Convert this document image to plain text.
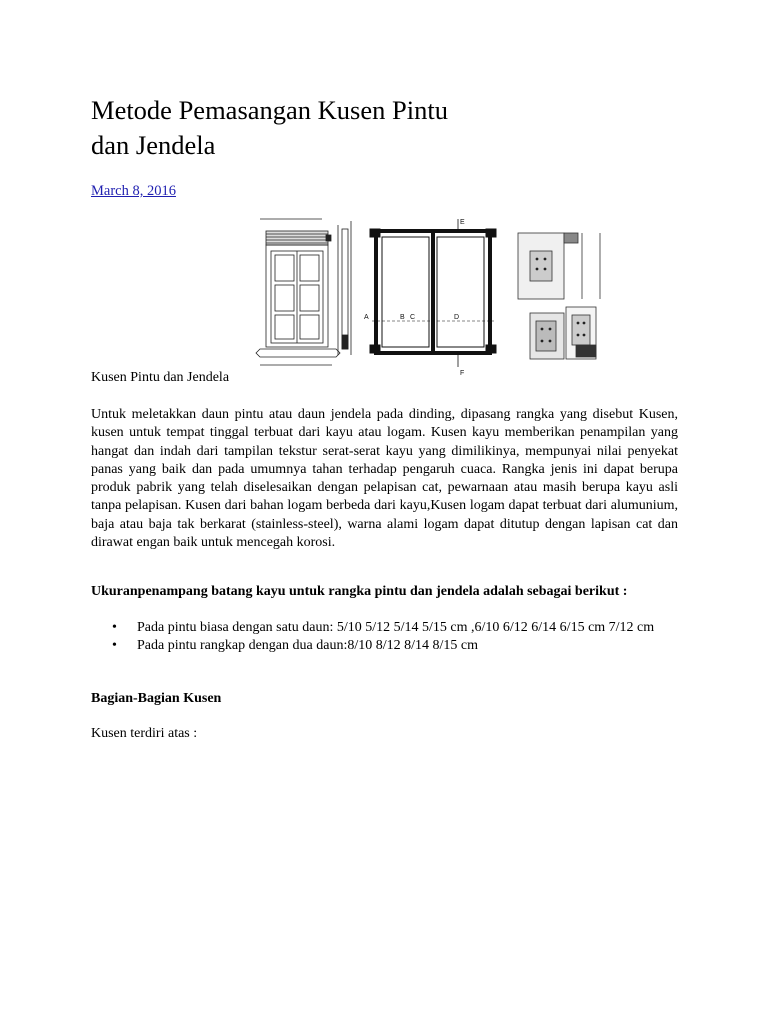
Metode Pemasangan Kusen Pintu
dan Jendela
March 8, 2016
E
A	B C	D
F
Kusen Pintu dan Jendela

Untuk meletakkan daun pintu atau daun jendela pada dinding, dipasang rangka yang disebut Kusen, kusen untuk tempat tinggal terbuat dari kayu atau logam. Kusen kayu memberikan penampilan yang hangat dan indah dari tampilan tekstur serat-serat kayu yang dimilikinya, mempunyai nilai penyekat panas yang baik dan pada umumnya tahan terhadap pengaruh cuaca. Rangka jenis ini dapat berupa produk pabrik yang telah diselesaikan dengan pelapisan cat, pewarnaan atau masih berupa kayu asli tanpa pelapisan. Kusen dari bahan logam berbeda dari kayu,Kusen logam dapat terbuat dari alumunium, baja atau baja tak berkarat (stainless-steel), warna alami logam dapat ditutup dengan lapisan cat dan dirawat engan baik untuk mencegah korosi.

Ukuranpenampang batang kayu untuk rangka pintu dan jendela adalah sebagai berikut :
• Pada pintu biasa dengan satu daun: 5/10 5/12 5/14 5/15 cm ,6/10 6/12 6/14 6/15 cm 7/12 cm
• Pada pintu rangkap dengan dua daun:8/10 8/12 8/14 8/15 cm
Bagian-Bagian Kusen
Kusen terdiri atas :
